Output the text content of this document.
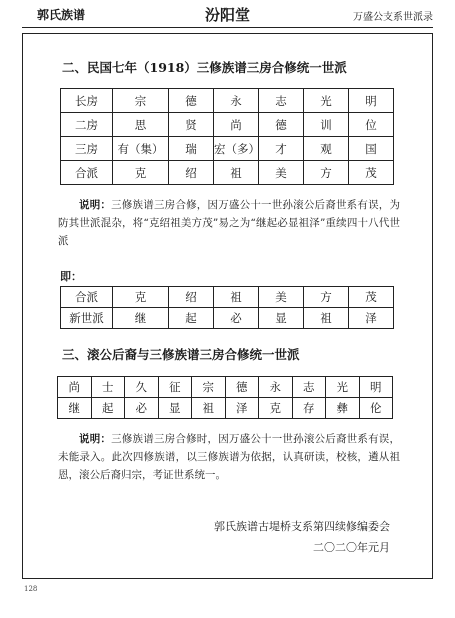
郭氏族谱	汾阳堂	万盛公支系世派录
二、民国七年（1918）三修族谱三房合修统一世派
长房	宗	德	永	志	光	明
二房	思	贤	尚	德	训	位
三房	有（集）	瑞	宏（多）	才	观	国
合派	克	绍	祖	美	方	茂
说明：三修族谱三房合修，因万盛公十一世孙滚公后裔世系有误，为防其世派混杂，将“克绍祖美方茂”易之为“继起必显祖泽”重续四十八代世派
即：
合派	克	绍	祖	美	方	茂
新世派	继	起	必	显	祖	泽
三、滚公后裔与三修族谱三房合修统一世派
尚	士	久	征	宗	德	永	志	光	明
继	起	必	显	祖	泽	克	存	彝	伦
说明：三修族谱三房合修时，因万盛公十一世孙滚公后裔世系有误，未能录入。此次四修族谱，以三修族谱为依据，认真研读，校核，遴从祖恩，滚公后裔归宗，考证世系统一。
郭氏族谱古堤桥支系第四续修编委会
二〇二〇年元月
128
